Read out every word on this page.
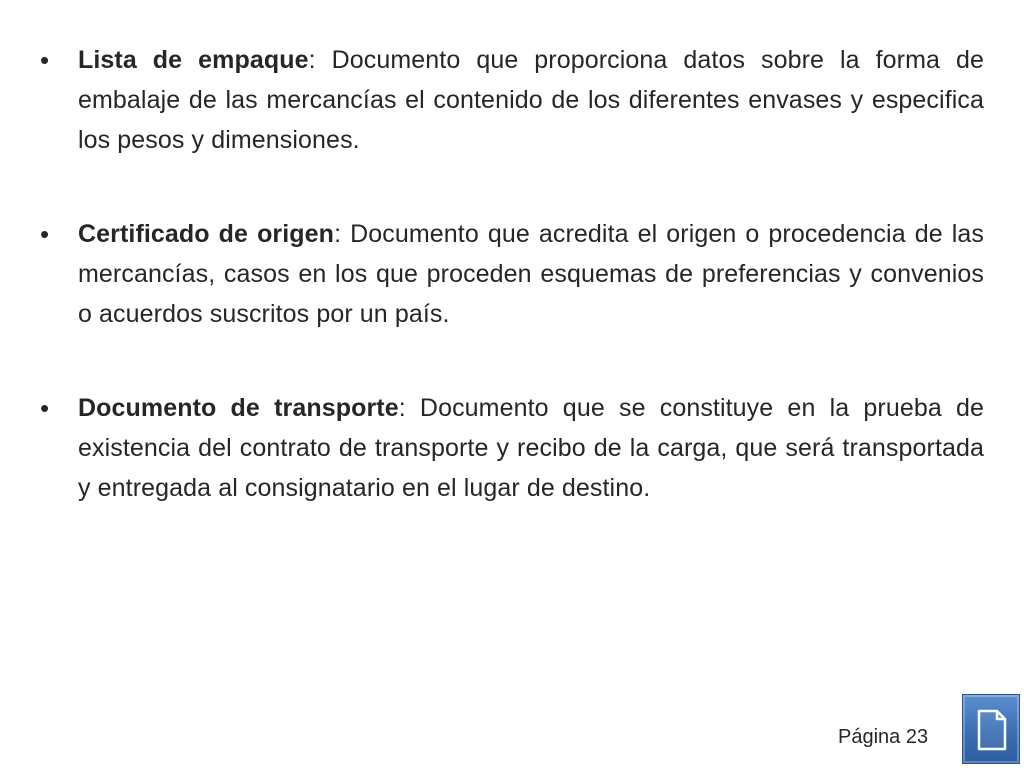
•	Lista de empaque: Documento que proporciona datos sobre la forma de embalaje de las mercancías el contenido de los diferentes envases y especifica los pesos y dimensiones.
•	Certificado de origen: Documento que acredita el origen o procedencia de las mercancías, casos en los que proceden esquemas de preferencias y convenios o acuerdos suscritos por un país.
•	Documento de transporte: Documento que se constituye en la prueba de existencia del contrato de transporte y recibo de la carga, que será transportada y entregada al consignatario en el lugar de destino.
Página 23
